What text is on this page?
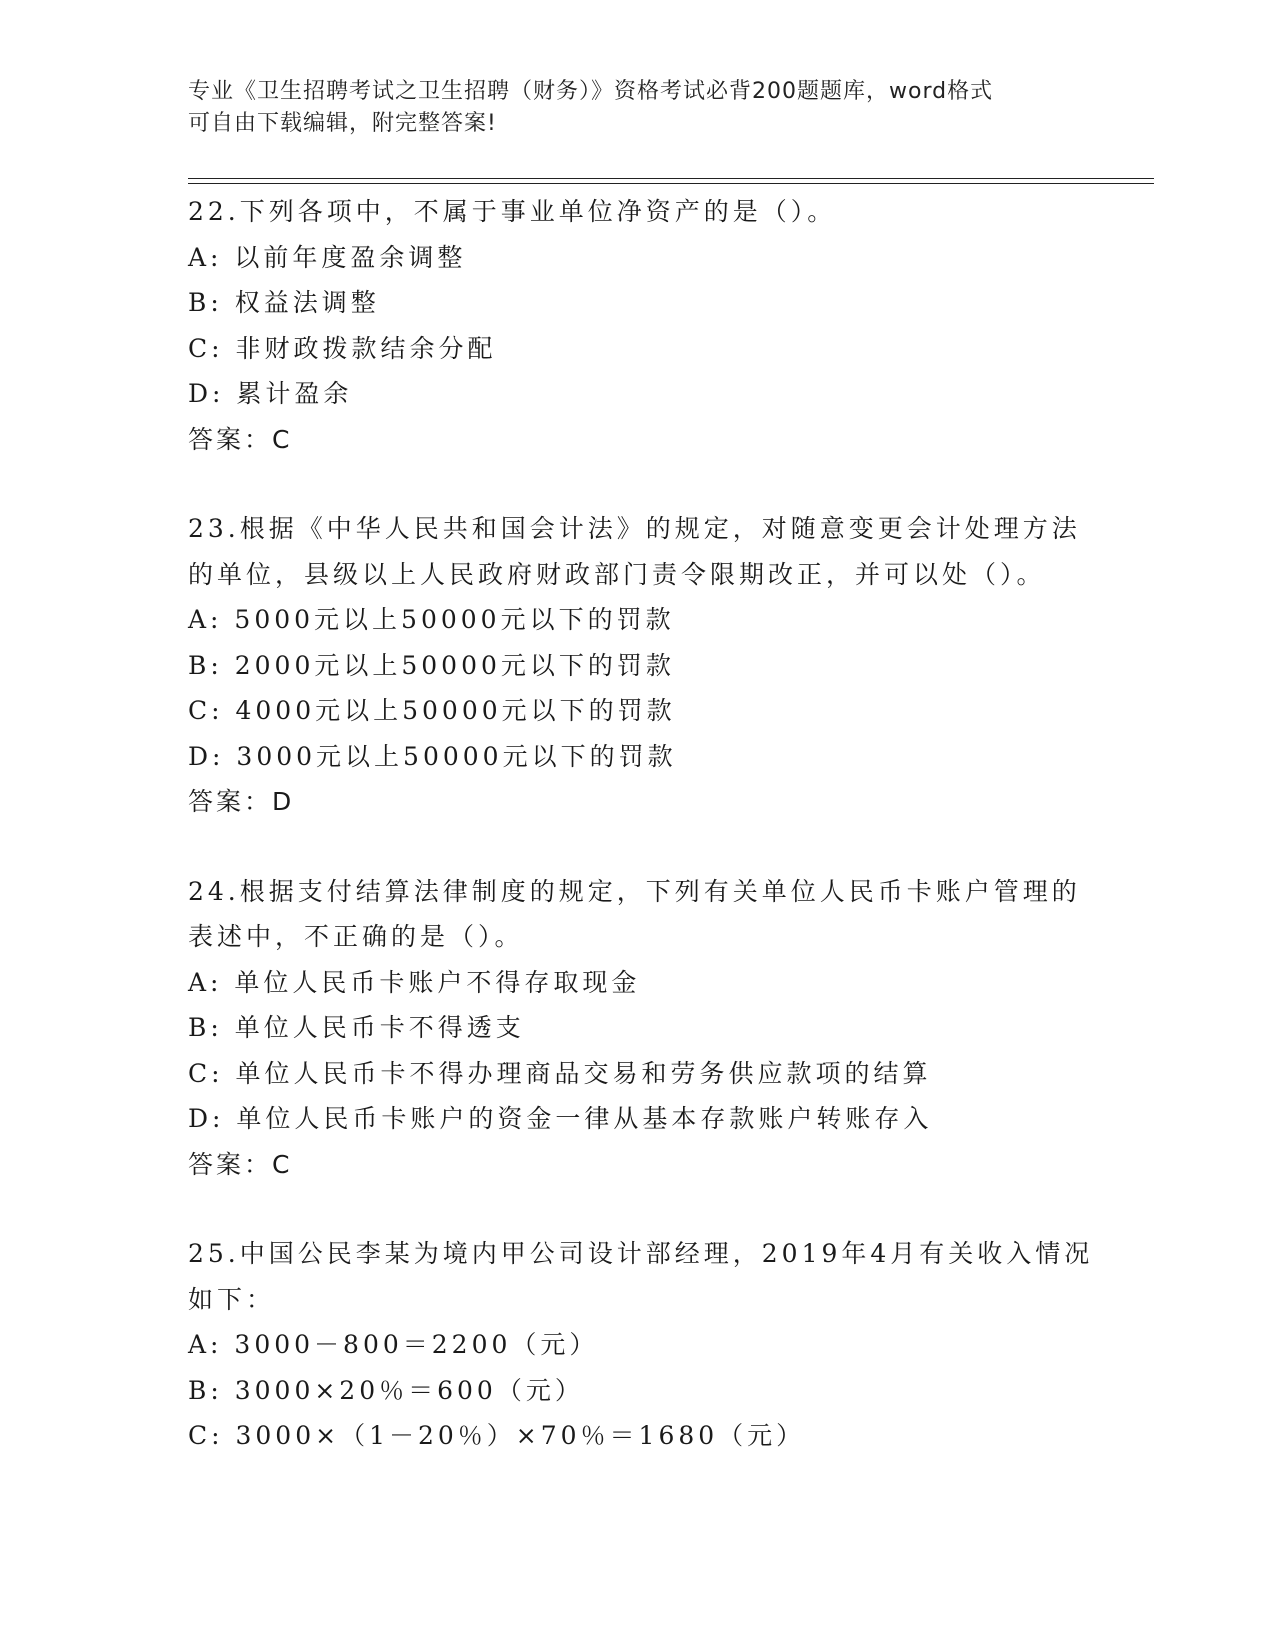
专业《卫生招聘考试之卫生招聘（财务）》资格考试必背200题题库，word格式
可自由下载编辑，附完整答案!
22.下列各项中，不属于事业单位净资产的是（）。
A: 以前年度盈余调整
B: 权益法调整
C: 非财政拨款结余分配
D: 累计盈余
答案：C
23.根据《中华人民共和国会计法》的规定，对随意变更会计处理方法
的单位，县级以上人民政府财政部门责令限期改正，并可以处（）。
A: 5000元以上50000元以下的罚款
B: 2000元以上50000元以下的罚款
C: 4000元以上50000元以下的罚款
D: 3000元以上50000元以下的罚款
答案：D
24.根据支付结算法律制度的规定，下列有关单位人民币卡账户管理的
表述中，不正确的是（）。
A: 单位人民币卡账户不得存取现金
B: 单位人民币卡不得透支
C: 单位人民币卡不得办理商品交易和劳务供应款项的结算
D: 单位人民币卡账户的资金一律从基本存款账户转账存入
答案：C
25.中国公民李某为境内甲公司设计部经理，2019年4月有关收入情况
如下：
A: 3000－800＝2200（元）
B: 3000×20％＝600（元）
C: 3000×（1－20％）×70％＝1680（元）
